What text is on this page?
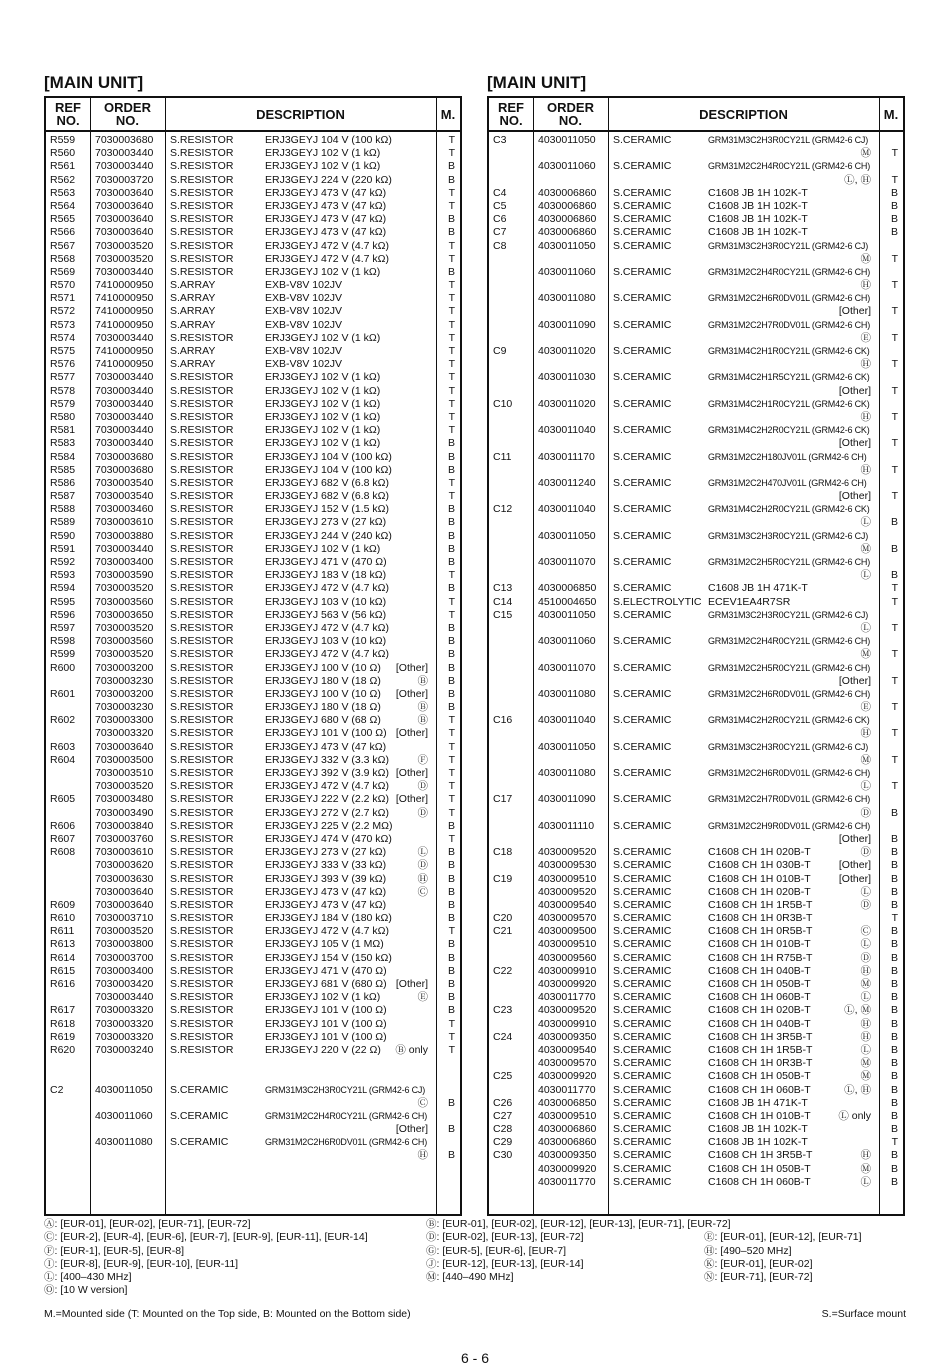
[MAIN UNIT]
REF
NO.
ORDER
NO.	DESCRIPTION	M.
R559 7030003680 S.RESISTOR	ERJ3GEYJ 104 V (100 kΩ)	T
R560 7030003440 S.RESISTOR	ERJ3GEYJ 102 V (1 kΩ)	T
R561 7030003440 S.RESISTOR	ERJ3GEYJ 102 V (1 kΩ)	B
R562 7030003720 S.RESISTOR	ERJ3GEYJ 224 V (220 kΩ)	B
R563 7030003640 S.RESISTOR	ERJ3GEYJ 473 V (47 kΩ)	T
R564 7030003640 S.RESISTOR	ERJ3GEYJ 473 V (47 kΩ)	T
R565 7030003640 S.RESISTOR	ERJ3GEYJ 473 V (47 kΩ)	B
R566 7030003640 S.RESISTOR	ERJ3GEYJ 473 V (47 kΩ)	B
R567 7030003520 S.RESISTOR	ERJ3GEYJ 472 V (4.7 kΩ)	T
R568 7030003520 S.RESISTOR	ERJ3GEYJ 472 V (4.7 kΩ)	T
R569 7030003440 S.RESISTOR	ERJ3GEYJ 102 V (1 kΩ)	B
R570 7410000950 S.ARRAY	EXB-V8V 102JV	T
R571 7410000950 S.ARRAY	EXB-V8V 102JV	T
R572 7410000950 S.ARRAY	EXB-V8V 102JV	T
R573 7410000950 S.ARRAY	EXB-V8V 102JV	T
R574 7030003440 S.RESISTOR	ERJ3GEYJ 102 V (1 kΩ)	T
R575 7410000950 S.ARRAY	EXB-V8V 102JV	T
R576 7410000950 S.ARRAY	EXB-V8V 102JV	T
R577 7030003440 S.RESISTOR	ERJ3GEYJ 102 V (1 kΩ)	T
R578 7030003440 S.RESISTOR	ERJ3GEYJ 102 V (1 kΩ)	T
R579 7030003440 S.RESISTOR	ERJ3GEYJ 102 V (1 kΩ)	T
R580 7030003440 S.RESISTOR	ERJ3GEYJ 102 V (1 kΩ)	T
R581 7030003440 S.RESISTOR	ERJ3GEYJ 102 V (1 kΩ)	T
R583 7030003440 S.RESISTOR	ERJ3GEYJ 102 V (1 kΩ)	B
R584 7030003680 S.RESISTOR	ERJ3GEYJ 104 V (100 kΩ)	B
R585 7030003680 S.RESISTOR	ERJ3GEYJ 104 V (100 kΩ)	B
R586 7030003540 S.RESISTOR	ERJ3GEYJ 682 V (6.8 kΩ)	T
R587 7030003540 S.RESISTOR	ERJ3GEYJ 682 V (6.8 kΩ)	T
R588 7030003460 S.RESISTOR	ERJ3GEYJ 152 V (1.5 kΩ)	B
R589 7030003610 S.RESISTOR	ERJ3GEYJ 273 V (27 kΩ)	B
R590 7030003880 S.RESISTOR	ERJ3GEYJ 244 V (240 kΩ)	B
R591 7030003440 S.RESISTOR	ERJ3GEYJ 102 V (1 kΩ)	B
R592 7030003400 S.RESISTOR	ERJ3GEYJ 471 V (470 Ω)	B
R593 7030003590 S.RESISTOR	ERJ3GEYJ 183 V (18 kΩ)	T
R594 7030003520 S.RESISTOR	ERJ3GEYJ 472 V (4.7 kΩ)	B
R595 7030003560 S.RESISTOR	ERJ3GEYJ 103 V (10 kΩ)	T
R596 7030003650 S.RESISTOR	ERJ3GEYJ 563 V (56 kΩ)	T
R597 7030003520 S.RESISTOR	ERJ3GEYJ 472 V (4.7 kΩ)	B
R598 7030003560 S.RESISTOR	ERJ3GEYJ 103 V (10 kΩ)	B
R599 7030003520 S.RESISTOR	ERJ3GEYJ 472 V (4.7 kΩ)	B
R600 7030003200 S.RESISTOR	ERJ3GEYJ 100 V (10 Ω) [Other] B
7030003230 S.RESISTOR	ERJ3GEYJ 180 V (18 Ω)	Ⓑ B
R601 7030003200 S.RESISTOR	ERJ3GEYJ 100 V (10 Ω) [Other] B
7030003230 S.RESISTOR	ERJ3GEYJ 180 V (18 Ω)	Ⓑ B
R602 7030003300 S.RESISTOR	ERJ3GEYJ 680 V (68 Ω)	Ⓑ T
7030003320 S.RESISTOR	ERJ3GEYJ 101 V (100 Ω) [Other] T
R603 7030003640 S.RESISTOR	ERJ3GEYJ 473 V (47 kΩ)	T
R604 7030003500 S.RESISTOR	ERJ3GEYJ 332 V (3.3 kΩ)	Ⓕ T
7030003510 S.RESISTOR	ERJ3GEYJ 392 V (3.9 kΩ) [Other] T
7030003520 S.RESISTOR	ERJ3GEYJ 472 V (4.7 kΩ)	Ⓓ T
R605 7030003480 S.RESISTOR	ERJ3GEYJ 222 V (2.2 kΩ) [Other] T
7030003490 S.RESISTOR	ERJ3GEYJ 272 V (2.7 kΩ)	Ⓓ T
R606 7030003840 S.RESISTOR	ERJ3GEYJ 225 V (2.2 MΩ)	B
R607 7030003760 S.RESISTOR	ERJ3GEYJ 474 V (470 kΩ)	T
R608 7030003610 S.RESISTOR	ERJ3GEYJ 273 V (27 kΩ)	Ⓛ B
7030003620 S.RESISTOR	ERJ3GEYJ 333 V (33 kΩ)	Ⓓ B
7030003630 S.RESISTOR	ERJ3GEYJ 393 V (39 kΩ)	Ⓗ B
7030003640 S.RESISTOR	ERJ3GEYJ 473 V (47 kΩ)	Ⓒ B
R609 7030003640 S.RESISTOR	ERJ3GEYJ 473 V (47 kΩ)	B
R610 7030003710 S.RESISTOR	ERJ3GEYJ 184 V (180 kΩ)	B
R611 7030003520 S.RESISTOR	ERJ3GEYJ 472 V (4.7 kΩ)	T
R613 7030003800 S.RESISTOR	ERJ3GEYJ 105 V (1 MΩ)	B
R614 7030003700 S.RESISTOR	ERJ3GEYJ 154 V (150 kΩ)	B
R615 7030003400 S.RESISTOR	ERJ3GEYJ 471 V (470 Ω)	B
R616 7030003420 S.RESISTOR	ERJ3GEYJ 681 V (680 Ω) [Other] B
7030003440 S.RESISTOR	ERJ3GEYJ 102 V (1 kΩ)	Ⓔ B
R617 7030003320 S.RESISTOR	ERJ3GEYJ 101 V (100 Ω)	B
R618 7030003320 S.RESISTOR	ERJ3GEYJ 101 V (100 Ω)	T
R619 7030003320 S.RESISTOR	ERJ3GEYJ 101 V (100 Ω)	T
R620 7030003240 S.RESISTOR	ERJ3GEYJ 220 V (22 Ω) Ⓑ only T
C2	4030011050 S.CERAMIC	GRM31M3C2H3R0CY21L (GRM42-6 CJ)
Ⓒ B
4030011060 S.CERAMIC	GRM31M2C2H4R0CY21L (GRM42-6 CH)
[Other] B
4030011080 S.CERAMIC	GRM31M2C2H6R0DV01L (GRM42-6 CH)
Ⓗ B
[MAIN UNIT]
REF
NO.
ORDER
NO.	DESCRIPTION	M.
C3	4030011050 S.CERAMIC	GRM31M3C2H3R0CY21L (GRM42-6 CJ)
Ⓜ T
4030011060 S.CERAMIC	GRM31M2C2H4R0CY21L (GRM42-6 CH)
Ⓛ, Ⓗ T
C4	4030006860 S.CERAMIC	C1608 JB 1H 102K-T	B
C5	4030006860 S.CERAMIC	C1608 JB 1H 102K-T	B
C6	4030006860 S.CERAMIC	C1608 JB 1H 102K-T	B
C7	4030006860 S.CERAMIC	C1608 JB 1H 102K-T	B
C8	4030011050 S.CERAMIC	GRM31M3C2H3R0CY21L (GRM42-6 CJ)
Ⓜ T
4030011060 S.CERAMIC	GRM31M2C2H4R0CY21L (GRM42-6 CH)
Ⓗ T
4030011080 S.CERAMIC	GRM31M2C2H6R0DV01L (GRM42-6 CH)
[Other] T
4030011090 S.CERAMIC	GRM31M2C2H7R0DV01L (GRM42-6 CH)
Ⓔ T
C9	4030011020 S.CERAMIC	GRM31M4C2H1R0CY21L (GRM42-6 CK)
Ⓗ T
4030011030 S.CERAMIC	GRM31M4C2H1R5CY21L (GRM42-6 CK)
[Other] T
C10 4030011020 S.CERAMIC	GRM31M4C2H1R0CY21L (GRM42-6 CK)
Ⓗ T
4030011040 S.CERAMIC	GRM31M4C2H2R0CY21L (GRM42-6 CK)
[Other] T
C11	4030011170 S.CERAMIC	GRM31M2C2H180JV01L (GRM42-6 CH)
Ⓗ T
4030011240 S.CERAMIC	GRM31M2C2H470JV01L (GRM42-6 CH)
[Other] T
C12 4030011040 S.CERAMIC	GRM31M4C2H2R0CY21L (GRM42-6 CK)
Ⓛ B
4030011050 S.CERAMIC	GRM31M3C2H3R0CY21L (GRM42-6 CJ)
Ⓜ B
4030011070 S.CERAMIC	GRM31M2C2H5R0CY21L (GRM42-6 CH)
Ⓛ B
C13 4030006850 S.CERAMIC	C1608 JB 1H 471K-T	T
C14 4510004650 S.ELECTROLYTIC ECEV1EA4R7SR	T
C15 4030011050 S.CERAMIC	GRM31M3C2H3R0CY21L (GRM42-6 CJ)
Ⓛ T
4030011060 S.CERAMIC	GRM31M2C2H4R0CY21L (GRM42-6 CH)
Ⓜ T
4030011070 S.CERAMIC	GRM31M2C2H5R0CY21L (GRM42-6 CH)
[Other] T
4030011080 S.CERAMIC	GRM31M2C2H6R0DV01L (GRM42-6 CH)
Ⓔ T
C16 4030011040 S.CERAMIC	GRM31M4C2H2R0CY21L (GRM42-6 CK)
Ⓗ T
4030011050 S.CERAMIC	GRM31M3C2H3R0CY21L (GRM42-6 CJ)
Ⓜ T
4030011080 S.CERAMIC	GRM31M2C2H6R0DV01L (GRM42-6 CH)
Ⓛ T
C17 4030011090 S.CERAMIC	GRM31M2C2H7R0DV01L (GRM42-6 CH)
Ⓓ B
4030011110 S.CERAMIC	GRM31M2C2H9R0DV01L (GRM42-6 CH)
[Other] B
C18 4030009520 S.CERAMIC	C1608 CH 1H 020B-T	Ⓓ B
4030009530 S.CERAMIC	C1608 CH 1H 030B-T	[Other] B
C19 4030009510 S.CERAMIC	C1608 CH 1H 010B-T	[Other] B
4030009520 S.CERAMIC	C1608 CH 1H 020B-T	Ⓛ B
4030009540 S.CERAMIC	C1608 CH 1H 1R5B-T	Ⓓ B
C20 4030009570 S.CERAMIC	C1608 CH 1H 0R3B-T	T
C21 4030009500 S.CERAMIC	C1608 CH 1H 0R5B-T	Ⓒ B
4030009510 S.CERAMIC	C1608 CH 1H 010B-T	Ⓛ B
4030009560 S.CERAMIC	C1608 CH 1H R75B-T	Ⓓ B
C22 4030009910 S.CERAMIC	C1608 CH 1H 040B-T	Ⓗ B
4030009920 S.CERAMIC	C1608 CH 1H 050B-T	Ⓜ B
4030011770 S.CERAMIC	C1608 CH 1H 060B-T	Ⓛ B
C23 4030009520 S.CERAMIC	C1608 CH 1H 020B-T	Ⓛ, Ⓜ B
4030009910 S.CERAMIC	C1608 CH 1H 040B-T	Ⓗ B
C24 4030009350 S.CERAMIC	C1608 CH 1H 3R5B-T	Ⓗ B
4030009540 S.CERAMIC	C1608 CH 1H 1R5B-T	Ⓛ B
4030009570 S.CERAMIC	C1608 CH 1H 0R3B-T	Ⓜ B
C25 4030009920 S.CERAMIC	C1608 CH 1H 050B-T	Ⓜ B
4030011770 S.CERAMIC	C1608 CH 1H 060B-T	Ⓛ, Ⓗ B
C26 4030006850 S.CERAMIC	C1608 JB 1H 471K-T	B
C27 4030009510 S.CERAMIC	C1608 CH 1H 010B-T	Ⓛ only B
C28 4030006860 S.CERAMIC	C1608 JB 1H 102K-T	B
C29 4030006860 S.CERAMIC	C1608 JB 1H 102K-T	T
C30 4030009350 S.CERAMIC	C1608 CH 1H 3R5B-T	Ⓗ B
4030009920 S.CERAMIC	C1608 CH 1H 050B-T	Ⓜ B
4030011770 S.CERAMIC	C1608 CH 1H 060B-T	Ⓛ B
Ⓐ: [EUR-01], [EUR-02], [EUR-71], [EUR-72]	Ⓑ: [EUR-01], [EUR-02], [EUR-12], [EUR-13], [EUR-71], [EUR-72]
Ⓒ: [EUR-2], [EUR-4], [EUR-6], [EUR-7], [EUR-9], [EUR-11], [EUR-14]	Ⓓ: [EUR-02], [EUR-13], [EUR-72]	Ⓔ: [EUR-01], [EUR-12], [EUR-71]
Ⓕ: [EUR-1], [EUR-5], [EUR-8]	Ⓖ: [EUR-5], [EUR-6], [EUR-7]	Ⓗ: [490–520 MHz]
Ⓘ: [EUR-8], [EUR-9], [EUR-10], [EUR-11]	Ⓙ: [EUR-12], [EUR-13], [EUR-14]	Ⓚ: [EUR-01], [EUR-02]
Ⓛ: [400–430 MHz]	Ⓜ: [440–490 MHz]	Ⓝ: [EUR-71], [EUR-72]
Ⓞ: [10 W version]
M.=Mounted side (T: Mounted on the Top side, B: Mounted on the Bottom side)	S.=Surface mount
6 - 6
